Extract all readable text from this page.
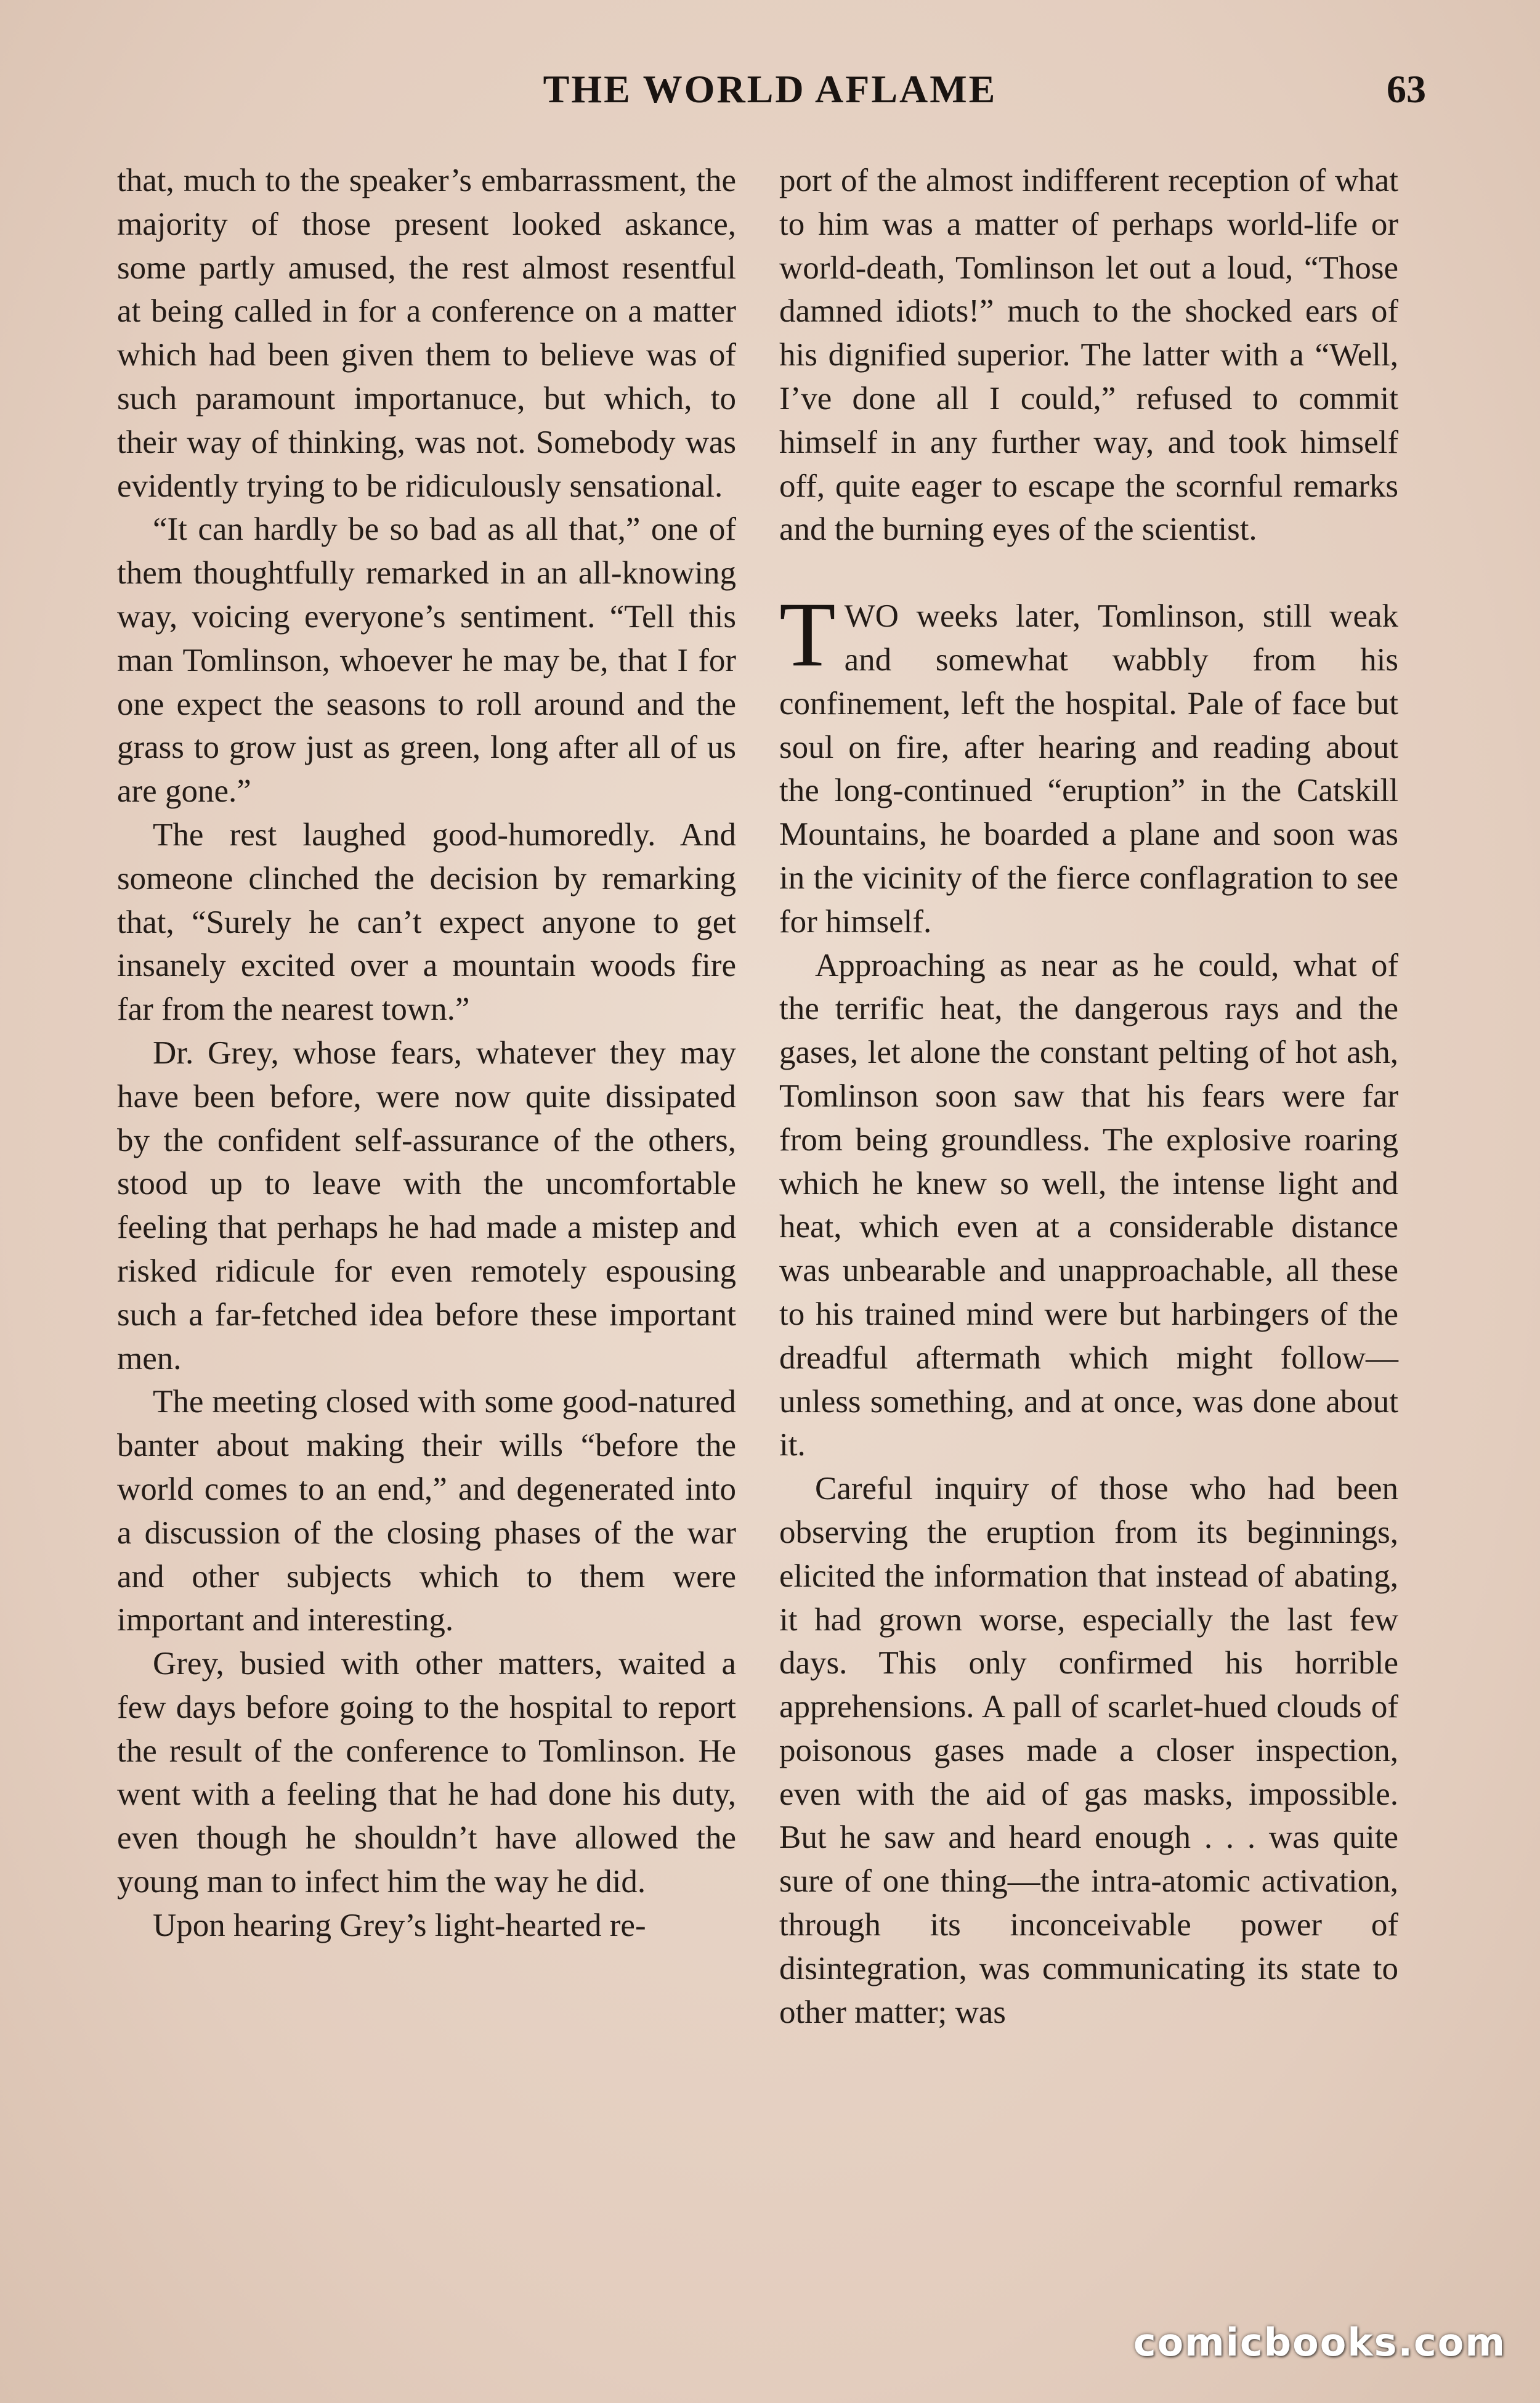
THE WORLD AFLAME	63

that, much to the speaker’s embarrassment, the majority of those present looked askance, some partly amused, the rest almost resentful at being called in for a conference on a matter which had been given them to believe was of such paramount importanuce, but which, to their way of thinking, was not. Somebody was evidently trying to be ridiculously sensational.

“It can hardly be so bad as all that,” one of them thoughtfully remarked in an all-knowing way, voicing everyone’s sentiment. “Tell this man Tomlinson, whoever he may be, that I for one expect the seasons to roll around and the grass to grow just as green, long after all of us are gone.”

The rest laughed good-humoredly. And someone clinched the decision by remarking that, “Surely he can’t expect anyone to get insanely excited over a mountain woods fire far from the nearest town.”

Dr. Grey, whose fears, whatever they may have been before, were now quite dissipated by the confident self-assurance of the others, stood up to leave with the uncomfortable feeling that perhaps he had made a mistep and risked ridicule for even remotely espousing such a far-fetched idea before these important men.

The meeting closed with some good-natured banter about making their wills “before the world comes to an end,” and degenerated into a discussion of the closing phases of the war and other subjects which to them were important and interesting.

Grey, busied with other matters, waited a few days before going to the hospital to report the result of the conference to Tomlinson. He went with a feeling that he had done his duty, even though he shouldn’t have allowed the young man to infect him the way he did.

Upon hearing Grey’s light-hearted re-

port of the almost indifferent reception of what to him was a matter of perhaps world-life or world-death, Tomlinson let out a loud, “Those damned idiots!” much to the shocked ears of his dignified superior. The latter with a “Well, I’ve done all I could,” refused to commit himself in any further way, and took himself off, quite eager to escape the scornful remarks and the burning eyes of the scientist.

TWO weeks later, Tomlinson, still weak and somewhat wabbly from his confinement, left the hospital. Pale of face but soul on fire, after hearing and reading about the long-continued “eruption” in the Catskill Mountains, he boarded a plane and soon was in the vicinity of the fierce conflagration to see for himself.

Approaching as near as he could, what of the terrific heat, the dangerous rays and the gases, let alone the constant pelting of hot ash, Tomlinson soon saw that his fears were far from being groundless. The explosive roaring which he knew so well, the intense light and heat, which even at a considerable distance was unbearable and unapproachable, all these to his trained mind were but harbingers of the dreadful aftermath which might follow—unless something, and at once, was done about it.

Careful inquiry of those who had been observing the eruption from its beginnings, elicited the information that instead of abating, it had grown worse, especially the last few days. This only confirmed his horrible apprehensions. A pall of scarlet-hued clouds of poisonous gases made a closer inspection, even with the aid of gas masks, impossible. But he saw and heard enough . . . was quite sure of one thing—the intra-atomic activation, through its inconceivable power of disintegration, was communicating its state to other matter; was

comicbooks.com
